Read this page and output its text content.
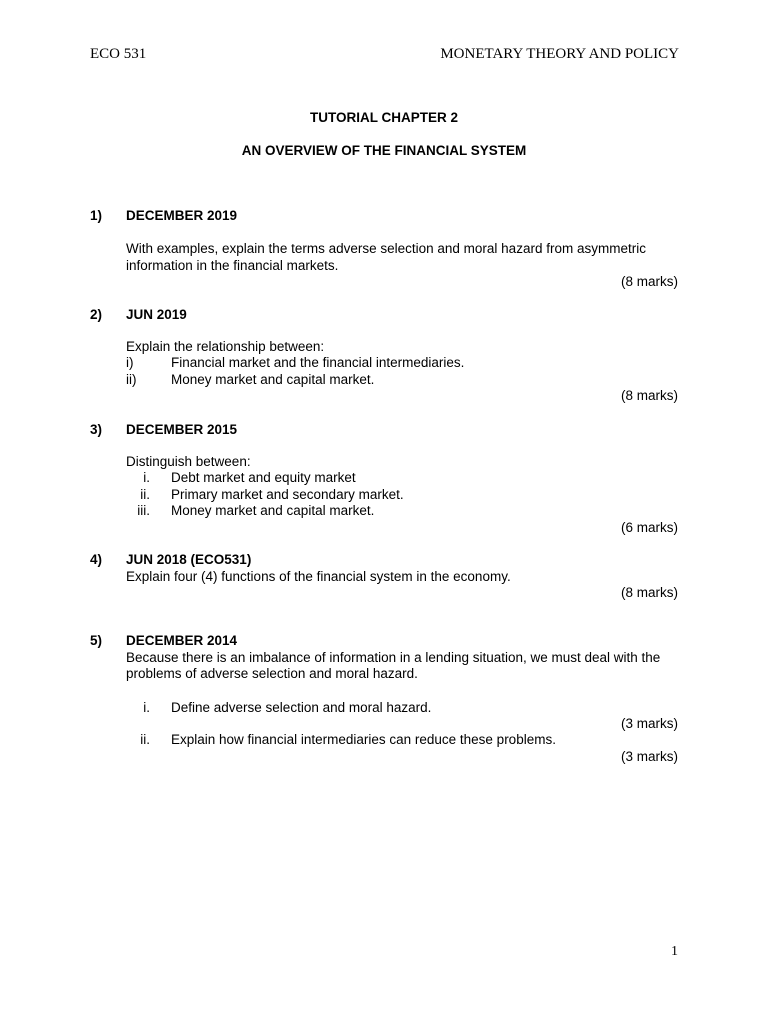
ECO 531	MONETARY THEORY AND POLICY
TUTORIAL CHAPTER 2
AN OVERVIEW OF THE FINANCIAL SYSTEM
1)	DECEMBER 2019
With examples, explain the terms adverse selection and moral hazard from asymmetric
information in the financial markets.
(8 marks)
2)	JUN 2019
Explain the relationship between:
i)	Financial market and the financial intermediaries.
ii)	Money market and capital market.
(8 marks)
3)	DECEMBER 2015
Distinguish between:
i. Debt market and equity market
ii. Primary market and secondary market.
iii. Money market and capital market.
(6 marks)
4)	JUN 2018 (ECO531)
Explain four (4) functions of the financial system in the economy.
(8 marks)
5)	DECEMBER 2014
Because there is an imbalance of information in a lending situation, we must deal with the
problems of adverse selection and moral hazard.
i. Define adverse selection and moral hazard.
(3 marks)
ii. Explain how financial intermediaries can reduce these problems.
(3 marks)
1
